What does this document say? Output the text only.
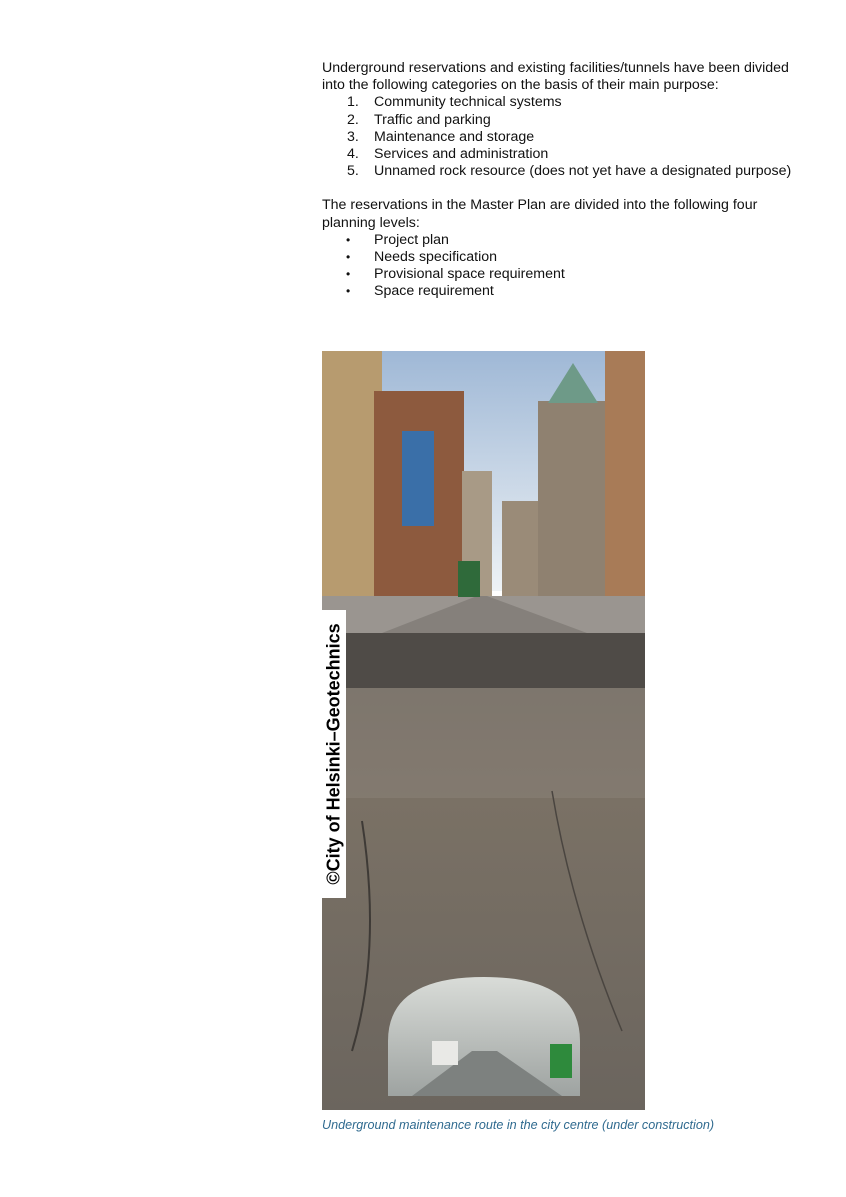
Underground reservations and existing facilities/tunnels have been divided into the following categories on the basis of their main purpose:

1.	Community technical systems
2.	Traffic and parking
3.	Maintenance and storage
4.	Services and administration
5.	Unnamed rock resource (does not yet have a designated purpose)

The reservations in the Master Plan are divided into the following four planning levels:

• Project plan
• Needs specification
• Provisional space requirement
• Space requirement
©City of Helsinki–Geotechnics
Underground maintenance route in the city centre (under construction)
